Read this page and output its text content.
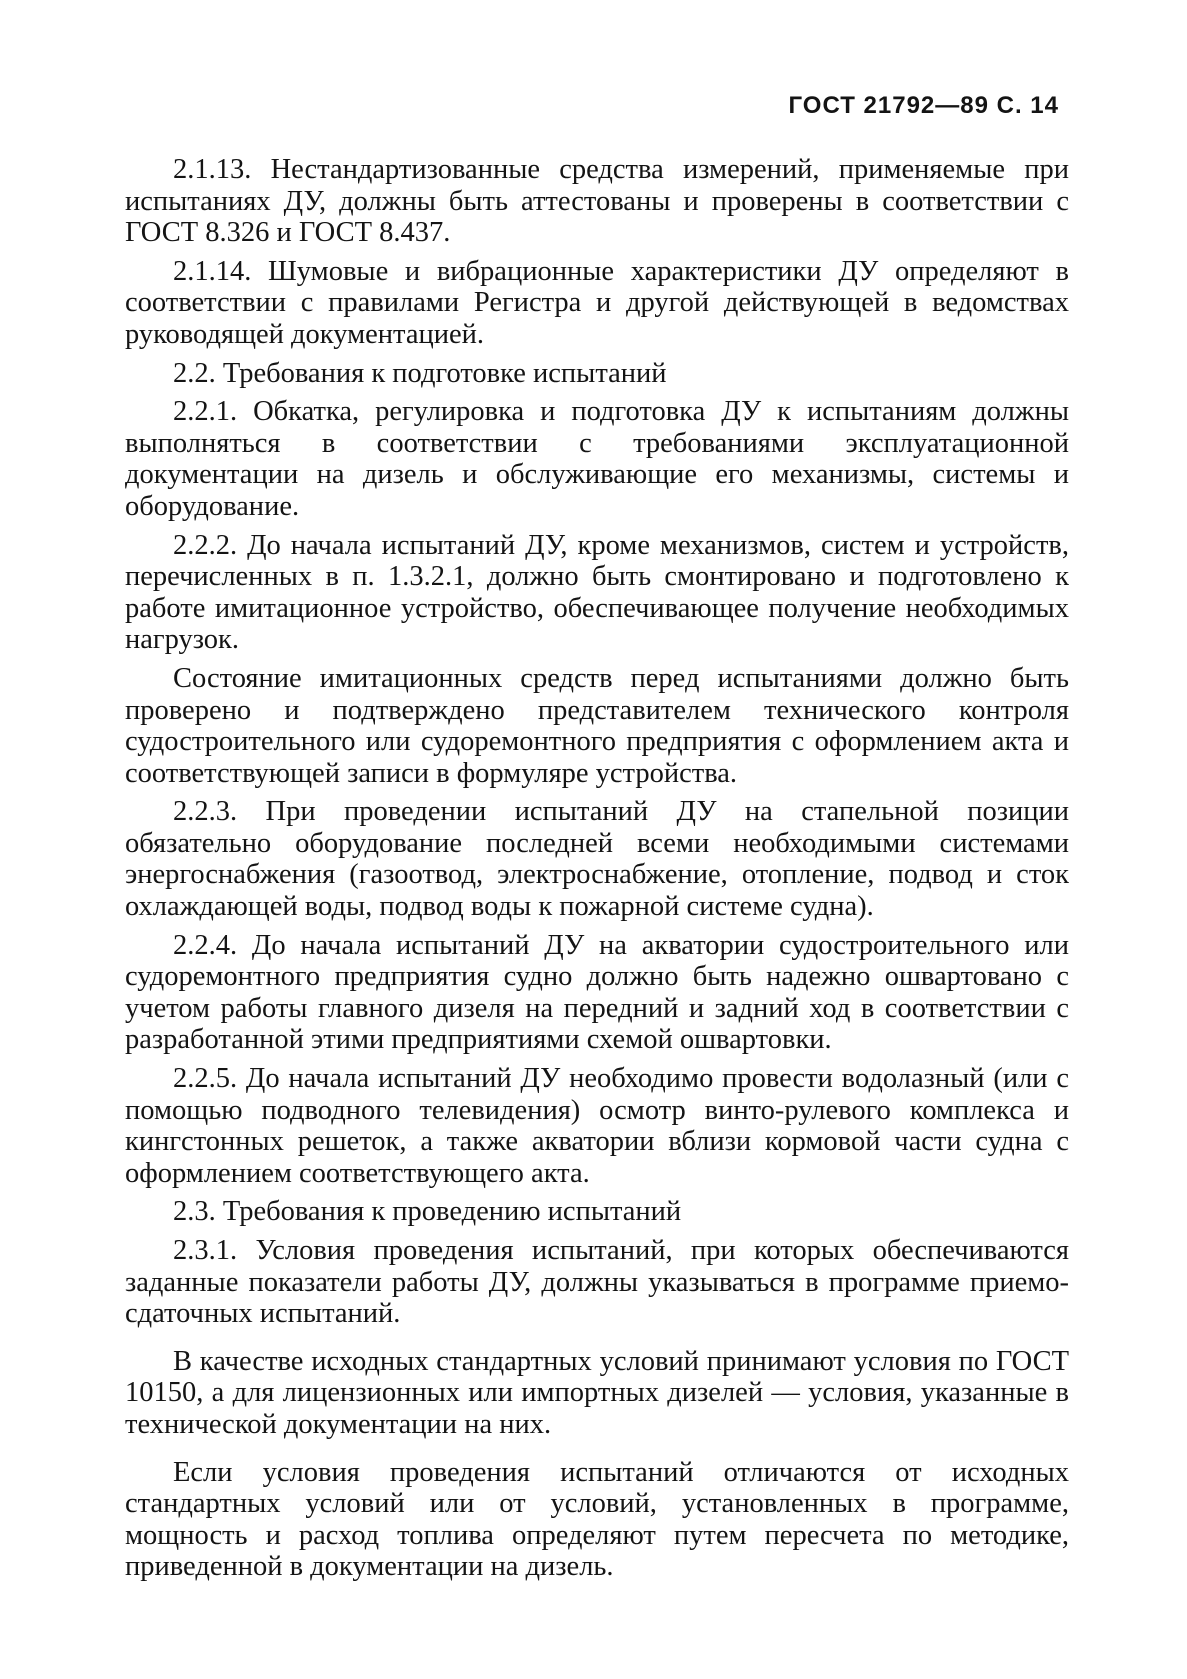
ГОСТ 21792—89 С. 14

2.1.13. Нестандартизованные средства измерений, применяемые при испытаниях ДУ, должны быть аттестованы и проверены в соответствии с ГОСТ 8.326 и ГОСТ 8.437.

2.1.14. Шумовые и вибрационные характеристики ДУ определяют в соответствии с правилами Регистра и другой действующей в ведомствах руководящей документацией.

2.2. Требования к подготовке испытаний

2.2.1. Обкатка, регулировка и подготовка ДУ к испытаниям должны выполняться в соответствии с требованиями эксплуатационной документации на дизель и обслуживающие его механизмы, системы и оборудование.

2.2.2. До начала испытаний ДУ, кроме механизмов, систем и устройств, перечисленных в п. 1.3.2.1, должно быть смонтировано и подготовлено к работе имитационное устройство, обеспечивающее получение необходимых нагрузок.

Состояние имитационных средств перед испытаниями должно быть проверено и подтверждено представителем технического контроля судостроительного или судоремонтного предприятия с оформлением акта и соответствующей записи в формуляре устройства.

2.2.3. При проведении испытаний ДУ на стапельной позиции обязательно оборудование последней всеми необходимыми системами энергоснабжения (газоотвод, электроснабжение, отопление, подвод и сток охлаждающей воды, подвод воды к пожарной системе судна).

2.2.4. До начала испытаний ДУ на акватории судостроительного или судоремонтного предприятия судно должно быть надежно ошвартовано с учетом работы главного дизеля на передний и задний ход в соответствии с разработанной этими предприятиями схемой ошвартовки.

2.2.5. До начала испытаний ДУ необходимо провести водолазный (или с помощью подводного телевидения) осмотр винто-рулевого комплекса и кингстонных решеток, а также акватории вблизи кормовой части судна с оформлением соответствующего акта.

2.3. Требования к проведению испытаний

2.3.1. Условия проведения испытаний, при которых обеспечиваются заданные показатели работы ДУ, должны указываться в программе приемо-сдаточных испытаний.

В качестве исходных стандартных условий принимают условия по ГОСТ 10150, а для лицензионных или импортных дизелей — условия, указанные в технической документации на них.

Если условия проведения испытаний отличаются от исходных стандартных условий или от условий, установленных в программе, мощность и расход топлива определяют путем пересчета по методике, приведенной в документации на дизель.
